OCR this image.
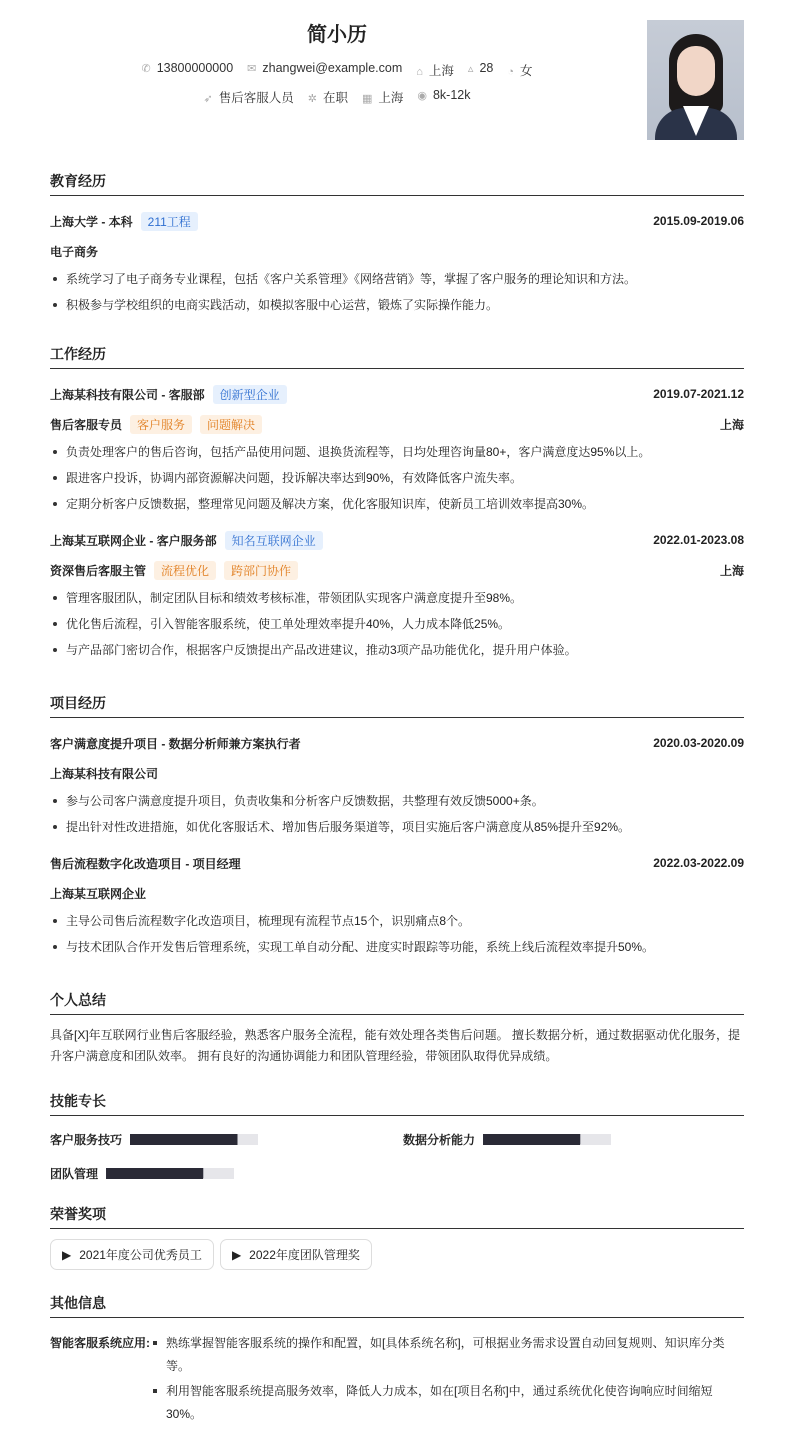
简小历
✆ 13800000000 ✉ zhangwei@example.com ⌂ 上海 ▵ 28 ◔ 女
➶ 售后客服人员 ✲ 在职 ▦ 上海 ◉ 8k-12k
教育经历
上海大学 - 本科	211工程	2015.09-2019.06
电子商务
系统学习了电子商务专业课程，包括《客户关系管理》《网络营销》等，掌握了客户服务的理论知识和方法。
积极参与学校组织的电商实践活动，如模拟客服中心运营，锻炼了实际操作能力。
工作经历
上海某科技有限公司 - 客服部	创新型企业	2019.07-2021.12
售后客服专员	客户服务	问题解决	上海
负责处理客户的售后咨询，包括产品使用问题、退换货流程等，日均处理咨询量80+，客户满意度达95%以上。
跟进客户投诉，协调内部资源解决问题，投诉解决率达到90%，有效降低客户流失率。
定期分析客户反馈数据，整理常见问题及解决方案，优化客服知识库，使新员工培训效率提高30%。
上海某互联网企业 - 客户服务部	知名互联网企业	2022.01-2023.08
资深售后客服主管	流程优化	跨部门协作	上海
管理客服团队，制定团队目标和绩效考核标准，带领团队实现客户满意度提升至98%。
优化售后流程，引入智能客服系统，使工单处理效率提升40%，人力成本降低25%。
与产品部门密切合作，根据客户反馈提出产品改进建议，推动3项产品功能优化，提升用户体验。
项目经历
客户满意度提升项目 - 数据分析师兼方案执行者	2020.03-2020.09
上海某科技有限公司
参与公司客户满意度提升项目，负责收集和分析客户反馈数据，共整理有效反馈5000+条。
提出针对性改进措施，如优化客服话术、增加售后服务渠道等，项目实施后客户满意度从85%提升至92%。
售后流程数字化改造项目 - 项目经理	2022.03-2022.09
上海某互联网企业
主导公司售后流程数字化改造项目，梳理现有流程节点15个，识别痛点8个。
与技术团队合作开发售后管理系统，实现工单自动分配、进度实时跟踪等功能，系统上线后流程效率提升50%。
个人总结

具备[X]年互联网行业售后客服经验，熟悉客户服务全流程，能有效处理各类售后问题。 擅长数据分析，通过数据驱动优化服务，提升客户满意度和团队效率。 拥有良好的沟通协调能力和团队管理经验，带领团队取得优异成绩。

技能专长
客户服务技巧	数据分析能力
团队管理
荣誉奖项
▶ 2021年度公司优秀员工	▶ 2022年度团队管理奖
其他信息
智能客服系统应用:	熟练掌握智能客服系统的操作和配置，如[具体系统名称]，可根据业务需求设置自动回复规则、知识库分类等。
利用智能客服系统提高服务效率，降低人力成本，如在[项目名称]中，通过系统优化使咨询响应时间缩短30%。
